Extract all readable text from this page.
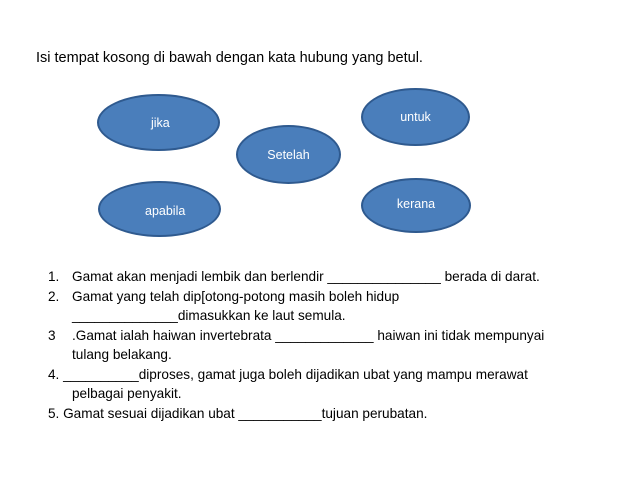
Isi tempat kosong di bawah dengan kata hubung yang betul.
jika	untuk
Setelah
apabila	kerana
1. Gamat akan menjadi lembik dan berlendir _______________ berada di darat.
2. Gamat yang telah dip[otong-potong masih boleh hidup
______________dimasukkan ke laut semula.
3 .Gamat ialah haiwan invertebrata _____________ haiwan ini tidak mempunyai
tulang belakang.
4. __________diproses, gamat juga boleh dijadikan ubat yang mampu merawat
pelbagai penyakit.
5. Gamat sesuai dijadikan ubat ___________tujuan perubatan.
